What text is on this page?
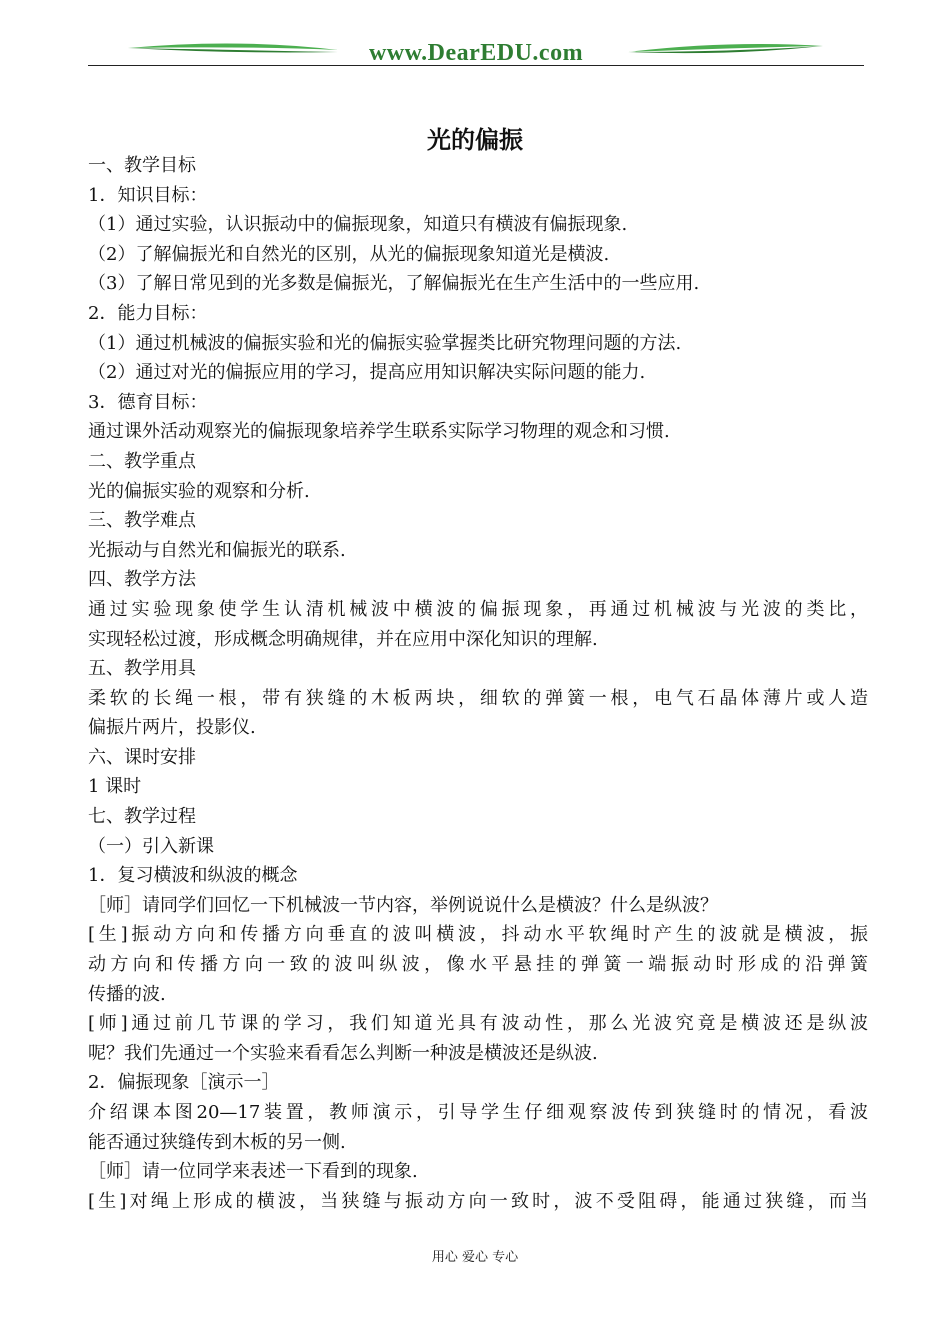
www.DearEDU.com
光的偏振
一、教学目标
1．知识目标：
（1）通过实验，认识振动中的偏振现象，知道只有横波有偏振现象.
（2）了解偏振光和自然光的区别，从光的偏振现象知道光是横波.
（3）了解日常见到的光多数是偏振光，了解偏振光在生产生活中的一些应用.
2．能力目标：
（1）通过机械波的偏振实验和光的偏振实验掌握类比研究物理问题的方法.
（2）通过对光的偏振应用的学习，提高应用知识解决实际问题的能力.
3．德育目标：
通过课外活动观察光的偏振现象培养学生联系实际学习物理的观念和习惯.
二、教学重点
光的偏振实验的观察和分析.
三、教学难点
光振动与自然光和偏振光的联系.
四、教学方法
通过实验现象使学生认清机械波中横波的偏振现象，再通过机械波与光波的类比，
实现轻松过渡，形成概念明确规律，并在应用中深化知识的理解.
五、教学用具
柔软的长绳一根，带有狭缝的木板两块，细软的弹簧一根，电气石晶体薄片或人造
偏振片两片，投影仪.
六、课时安排
1 课时
七、教学过程
（一）引入新课
1．复习横波和纵波的概念
［师］请同学们回忆一下机械波一节内容，举例说说什么是横波？什么是纵波？
[生]振动方向和传播方向垂直的波叫横波，抖动水平软绳时产生的波就是横波，振
动方向和传播方向一致的波叫纵波，像水平悬挂的弹簧一端振动时形成的沿弹簧
传播的波.
[师]通过前几节课的学习，我们知道光具有波动性，那么光波究竟是横波还是纵波
呢？我们先通过一个实验来看看怎么判断一种波是横波还是纵波.
2．偏振现象［演示一］
介绍课本图20—17装置，教师演示，引导学生仔细观察波传到狭缝时的情况，看波
能否通过狭缝传到木板的另一侧.
［师］请一位同学来表述一下看到的现象.
[生]对绳上形成的横波，当狭缝与振动方向一致时，波不受阻碍，能通过狭缝，而当
用心 爱心 专心
